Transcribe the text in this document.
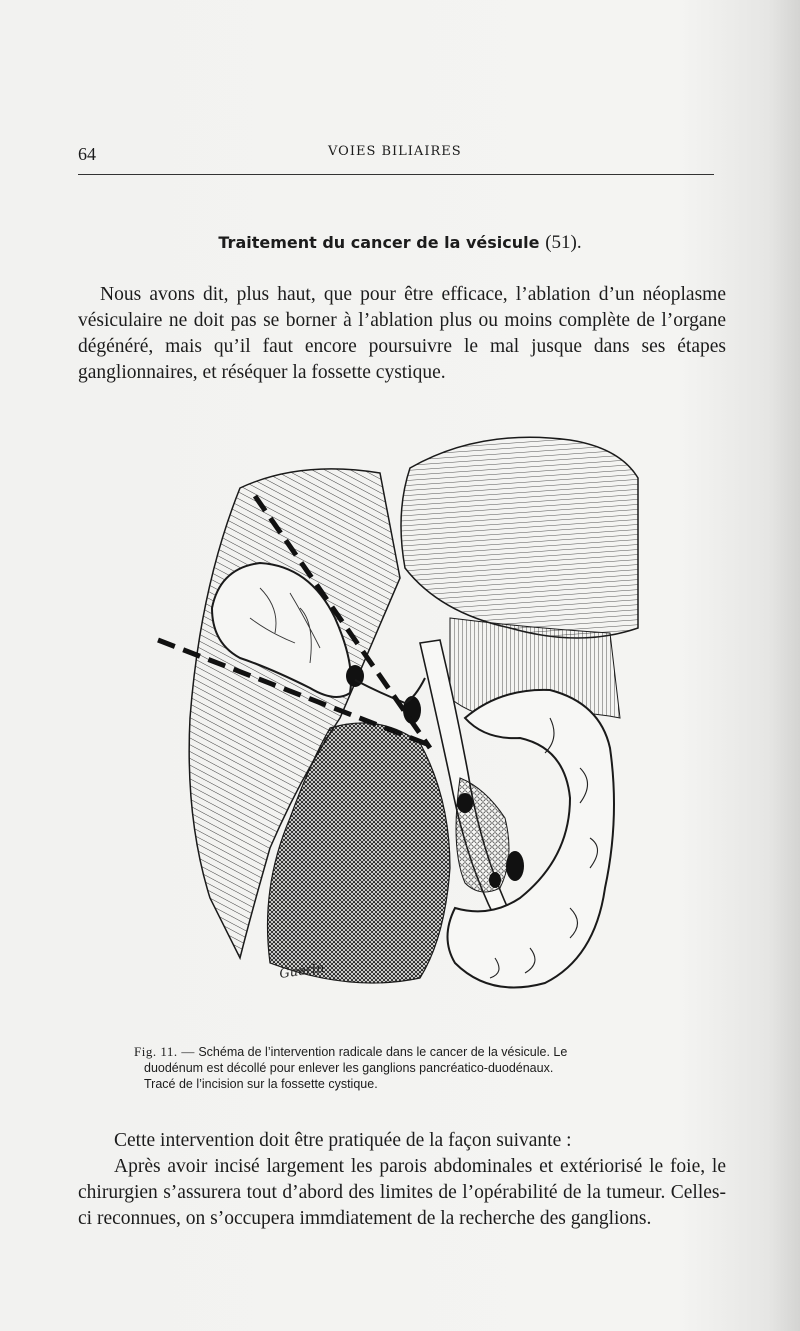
64	VOIES BILIAIRES
Traitement du cancer de la vésicule (51).

Nous avons dit, plus haut, que pour être efficace, l’ablation d’un néoplasme vésiculaire ne doit pas se borner à l’ablation plus ou moins complète de l’organe dégénéré, mais qu’il faut encore poursuivre le mal jusque dans ses étapes ganglionnaires, et réséquer la fossette cystique.

Guérin
Fig. 11. — Schéma de l’intervention radicale dans le cancer de la vésicule. Le
duodénum est décollé pour enlever les ganglions pancréatico-duodénaux.
Tracé de l’incision sur la fossette cystique.

Cette intervention doit être pratiquée de la façon suivante :

Après avoir incisé largement les parois abdominales et extériorisé le foie, le chirurgien s’assurera tout d’abord des limites de l’opérabilité de la tumeur. Celles-ci reconnues, on s’occupera immdiatement de la recherche des ganglions.
